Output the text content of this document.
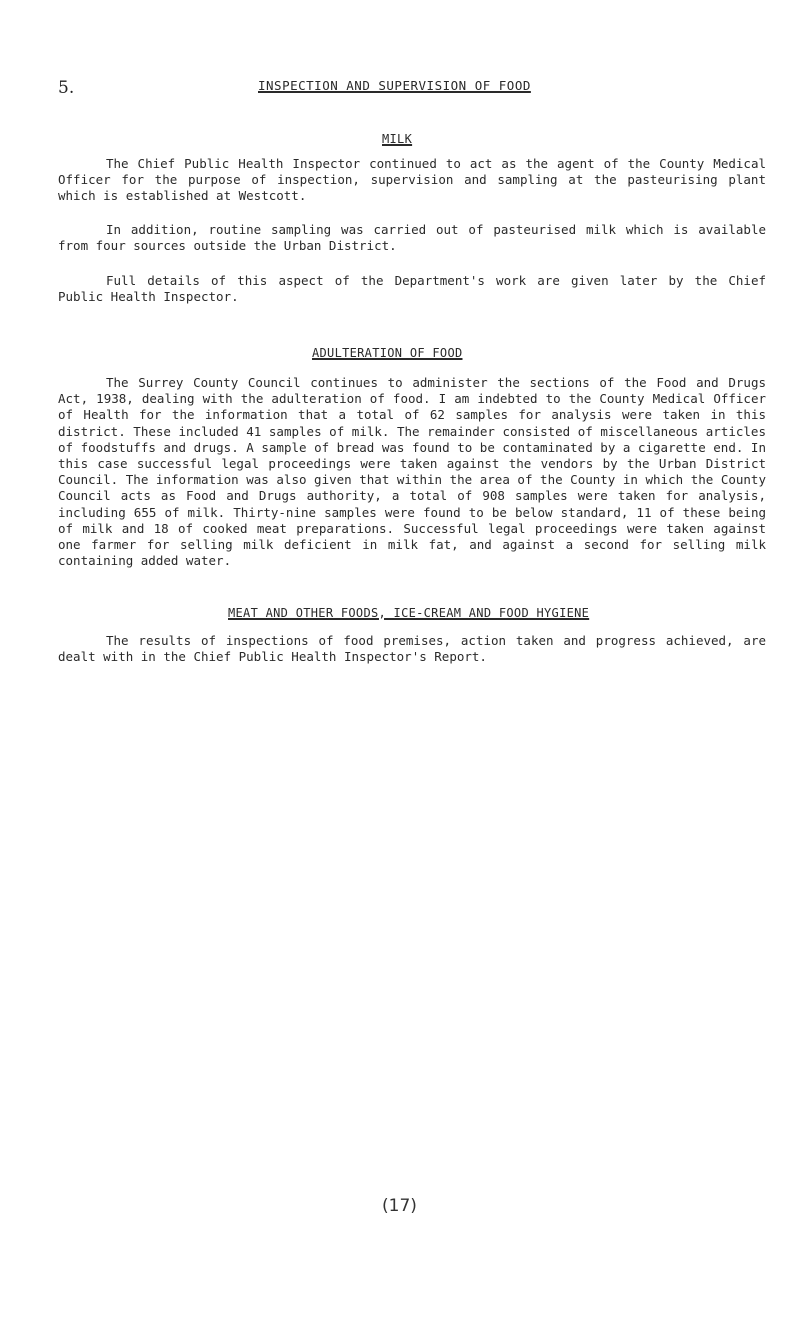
5.	INSPECTION AND SUPERVISION OF FOOD
MILK
The Chief Public Health Inspector continued to act as the agent of the County Medical Officer for the purpose of inspection, supervision and sampling at the pasteurising plant which is established at Westcott.
In addition, routine sampling was carried out of pasteurised milk which is available from four sources outside the Urban District.
Full details of this aspect of the Department's work are given later by the Chief Public Health Inspector.
ADULTERATION OF FOOD
The Surrey County Council continues to administer the sections of the Food and Drugs Act, 1938, dealing with the adulteration of food. I am indebted to the County Medical Officer of Health for the information that a total of 62 samples for analysis were taken in this district. These included 41 samples of milk. The remainder consisted of miscellaneous articles of foodstuffs and drugs. A sample of bread was found to be contaminated by a cigarette end. In this case successful legal proceedings were taken against the vendors by the Urban District Council. The information was also given that within the area of the County in which the County Council acts as Food and Drugs authority, a total of 908 samples were taken for analysis, including 655 of milk. Thirty-nine samples were found to be below standard, 11 of these being of milk and 18 of cooked meat preparations. Successful legal proceedings were taken against one farmer for selling milk deficient in milk fat, and against a second for selling milk containing added water.
MEAT AND OTHER FOODS, ICE-CREAM AND FOOD HYGIENE
The results of inspections of food premises, action taken and progress achieved, are dealt with in the Chief Public Health Inspector's Report.
(17)
